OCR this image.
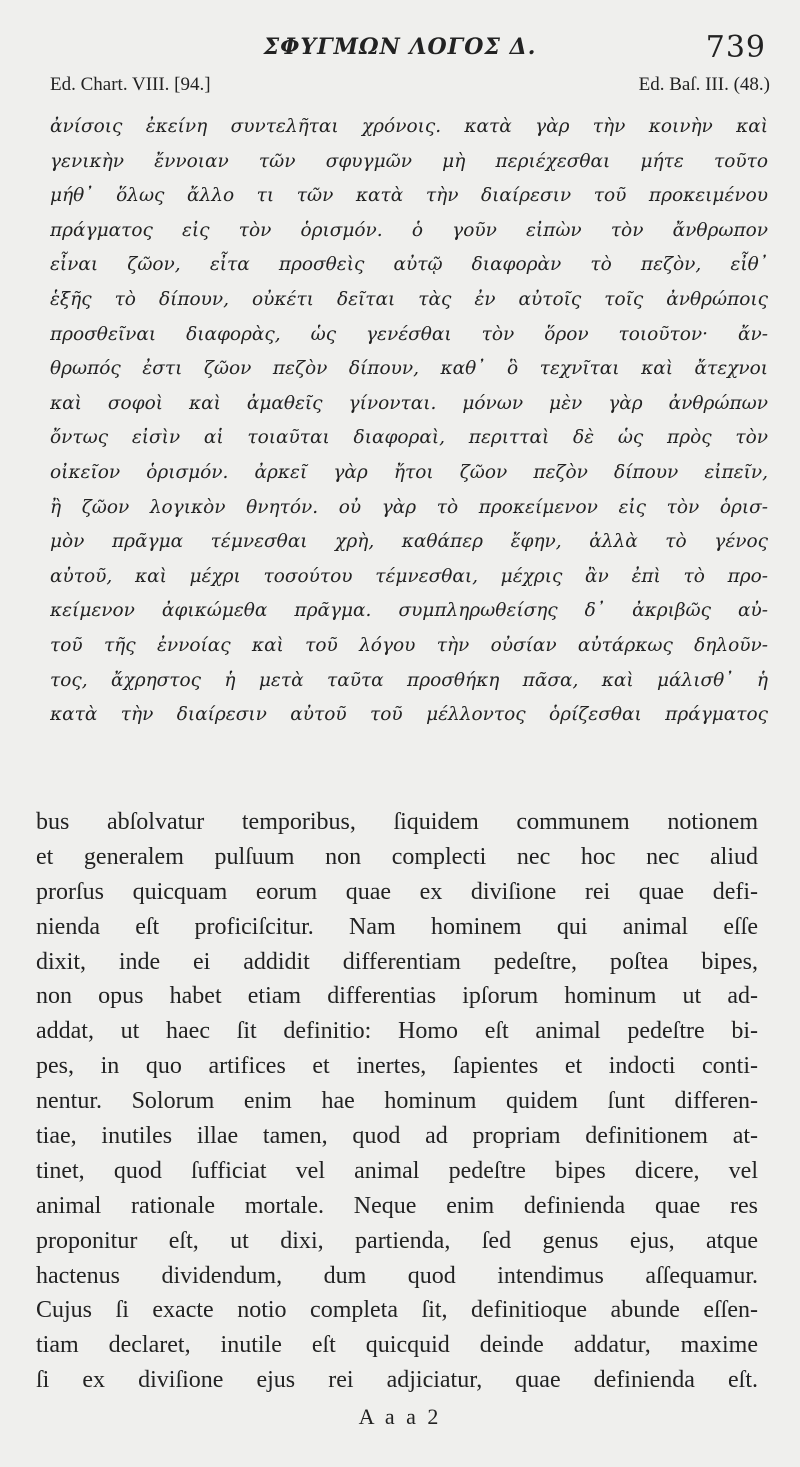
ΣΦΥΓΜΩΝ ΛΟΓΟΣ Δ.	739
Ed. Chart. VIII. [94.]	Ed. Baſ. III. (48.)
ἀνίσοις ἐκείνη συντελῆται χρόνοις. κατὰ γὰρ τὴν κοινὴν καὶ
γενικὴν ἔννοιαν τῶν σφυγμῶν μὴ περιέχεσθαι μήτε τοῦτο
μήθ᾽ ὅλως ἄλλο τι τῶν κατὰ τὴν διαίρεσιν τοῦ προκειμένου
πράγματος εἰς τὸν ὁρισμόν. ὁ γοῦν εἰπὼν τὸν ἄνθρωπον
εἶναι ζῶον, εἶτα προσθεὶς αὐτῷ διαφορὰν τὸ πεζὸν, εἶθ᾽
ἑξῆς τὸ δίπουν, οὐκέτι δεῖται τὰς ἐν αὐτοῖς τοῖς ἀνθρώποις
προσθεῖναι διαφορὰς, ὡς γενέσθαι τὸν ὅρον τοιοῦτον· ἄν-
θρωπός ἐστι ζῶον πεζὸν δίπουν, καθ᾽ ὃ τεχνῖται καὶ ἄτεχνοι
καὶ σοφοὶ καὶ ἀμαθεῖς γίνονται. μόνων μὲν γὰρ ἀνθρώπων
ὄντως εἰσὶν αἱ τοιαῦται διαφοραὶ, περιτταὶ δὲ ὡς πρὸς τὸν
οἰκεῖον ὁρισμόν. ἀρκεῖ γὰρ ἤτοι ζῶον πεζὸν δίπουν εἰπεῖν,
ἢ ζῶον λογικὸν θνητόν. οὐ γὰρ τὸ προκείμενον εἰς τὸν ὁρισ-
μὸν πρᾶγμα τέμνεσθαι χρὴ, καθάπερ ἔφην, ἀλλὰ τὸ γένος
αὐτοῦ, καὶ μέχρι τοσούτου τέμνεσθαι, μέχρις ἂν ἐπὶ τὸ προ-
κείμενον ἀφικώμεθα πρᾶγμα. συμπληρωθείσης δ᾽ ἀκριβῶς αὐ-
τοῦ τῆς ἐννοίας καὶ τοῦ λόγου τὴν οὐσίαν αὐτάρκως δηλοῦν-
τος, ἄχρηστος ἡ μετὰ ταῦτα προσθήκη πᾶσα, καὶ μάλισθ᾽ ἡ
κατὰ τὴν διαίρεσιν αὐτοῦ τοῦ μέλλοντος ὁρίζεσθαι πράγματος
bus abſolvatur temporibus, ſiquidem communem notionem
et generalem pulſuum non complecti nec hoc nec aliud
prorſus quicquam eorum quae ex diviſione rei quae defi-
nienda eſt proficiſcitur. Nam hominem qui animal eſſe
dixit, inde ei addidit differentiam pedeſtre, poſtea bipes,
non opus habet etiam differentias ipſorum hominum ut ad-
addat, ut haec ſit definitio: Homo eſt animal pedeſtre bi-
pes, in quo artifices et inertes, ſapientes et indocti conti-
nentur. Solorum enim hae hominum quidem ſunt differen-
tiae, inutiles illae tamen, quod ad propriam definitionem at-
tinet, quod ſufficiat vel animal pedeſtre bipes dicere, vel
animal rationale mortale. Neque enim definienda quae res
proponitur eſt, ut dixi, partienda, ſed genus ejus, atque
hactenus dividendum, dum quod intendimus aſſequamur.
Cujus ſi exacte notio completa ſit, definitioque abunde eſſen-
tiam declaret, inutile eſt quicquid deinde addatur, maxime
ſi ex diviſione ejus rei adjiciatur, quae definienda eſt.
A a a 2
